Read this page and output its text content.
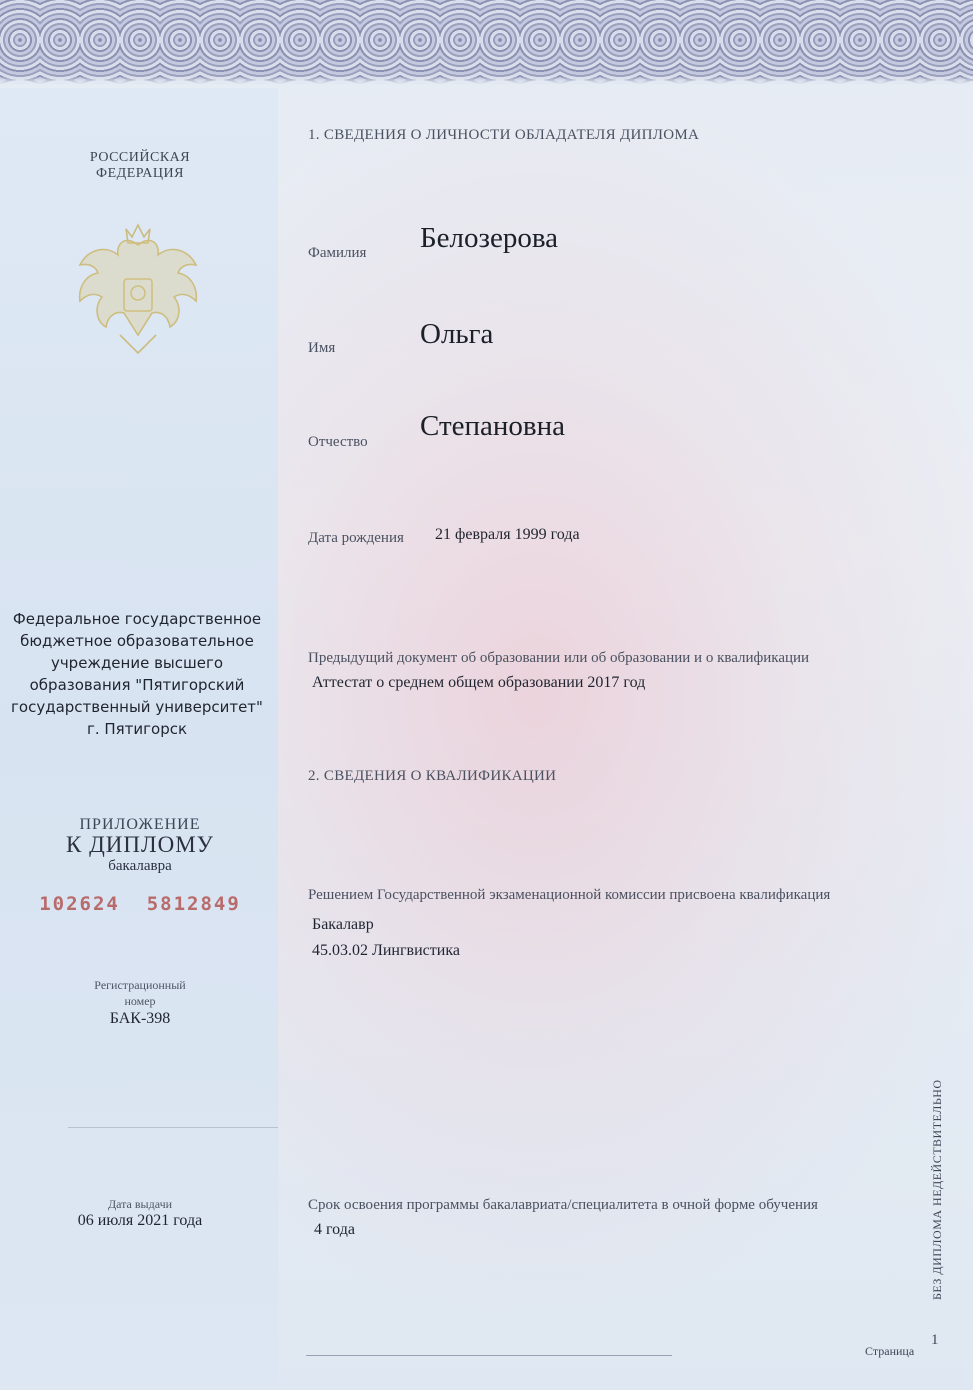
РОССИЙСКАЯ
ФЕДЕРАЦИЯ
Федеральное государственное
бюджетное образовательное
учреждение высшего
образования "Пятигорский
государственный университет"
г. Пятигорск
ПРИЛОЖЕНИЕ
К ДИПЛОМУ
бакалавра
102624  5812849
Регистрационный
номер
БАК-398
Дата выдачи
06 июля 2021 года
1. СВЕДЕНИЯ О ЛИЧНОСТИ ОБЛАДАТЕЛЯ ДИПЛОМА
Фамилия Белозерова
Имя	Ольга
Отчество Степановна
Дата рождения 21 февраля 1999 года
Предыдущий документ об образовании или об образовании и о квалификации
Аттестат о среднем общем образовании 2017 год
2. СВЕДЕНИЯ О КВАЛИФИКАЦИИ
Решением Государственной экзаменационной комиссии присвоена квалификация
Бакалавр
45.03.02 Лингвистика
Срок освоения программы бакалавриата/специалитета в очной форме обучения
4 года
Страница
1
БЕЗ ДИПЛОМА НЕДЕЙСТВИТЕЛЬНО
